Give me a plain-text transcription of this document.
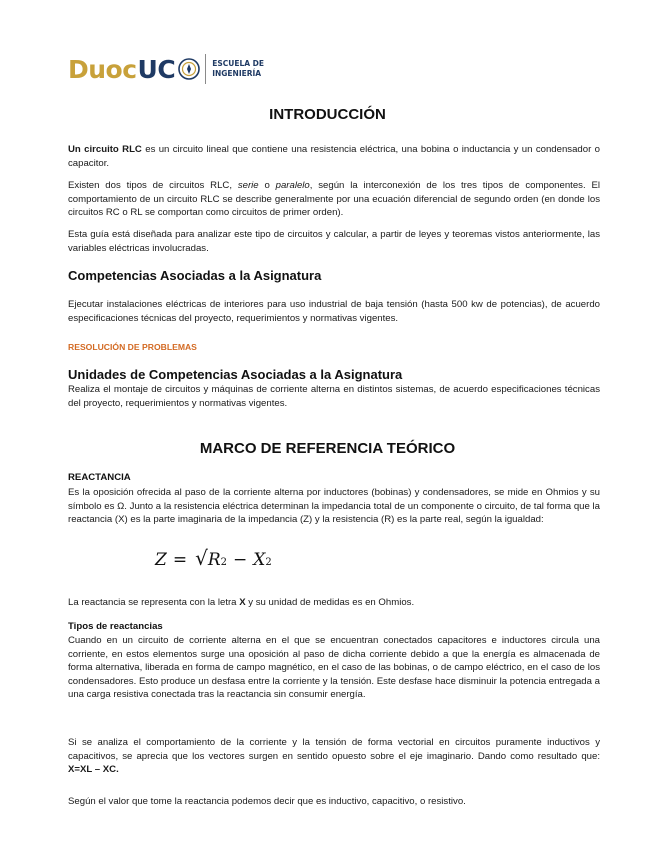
Duoc UC	ESCUELA DE
INGENIERÍA
INTRODUCCIÓN
Un circuito RLC es un circuito lineal que contiene una resistencia eléctrica, una bobina o inductancia y un condensador o capacitor.
Existen dos tipos de circuitos RLC, serie o paralelo, según la interconexión de los tres tipos de componentes. El comportamiento de un circuito RLC se describe generalmente por una ecuación diferencial de segundo orden (en donde los circuitos RC o RL se comportan como circuitos de primer orden).
Esta guía está diseñada para analizar este tipo de circuitos y calcular, a partir de leyes y teoremas vistos anteriormente, las variables eléctricas involucradas.
Competencias Asociadas a la Asignatura
Ejecutar instalaciones eléctricas de interiores para uso industrial de baja tensión (hasta 500 kw de potencias), de acuerdo especificaciones técnicas del proyecto, requerimientos y normativas vigentes.
RESOLUCIÓN DE PROBLEMAS
Unidades de Competencias Asociadas a la Asignatura
Realiza el montaje de circuitos y máquinas de corriente alterna en distintos sistemas, de acuerdo especificaciones técnicas del proyecto, requerimientos y normativas vigentes.
MARCO DE REFERENCIA TEÓRICO
REACTANCIA
Es la oposición ofrecida al paso de la corriente alterna por inductores (bobinas) y condensadores, se mide en Ohmios y su símbolo es Ω. Junto a la resistencia eléctrica determinan la impedancia total de un componente o circuito, de tal forma que la reactancia (X) es la parte imaginaria de la impedancia (Z) y la resistencia (R) es la parte real, según la igualdad:
Z = √ R 2 − X 2
La reactancia se representa con la letra X y su unidad de medidas es en Ohmios.
Tipos de reactancias
Cuando en un circuito de corriente alterna en el que se encuentran conectados capacitores e inductores circula una corriente, en estos elementos surge una oposición al paso de dicha corriente debido a que la energía es almacenada de forma alternativa, liberada en forma de campo magnético, en el caso de las bobinas, o de campo eléctrico, en el caso de los condensadores. Esto produce un desfasa entre la corriente y la tensión. Este desfase hace disminuir la potencia entregada a una carga resistiva conectada tras la reactancia sin consumir energía.
Si se analiza el comportamiento de la corriente y la tensión de forma vectorial en circuitos puramente inductivos y capacitivos, se aprecia que los vectores surgen en sentido opuesto sobre el eje imaginario. Dando como resultado que: X=XL – XC.
Según el valor que tome la reactancia podemos decir que es inductivo, capacitivo, o resistivo.
